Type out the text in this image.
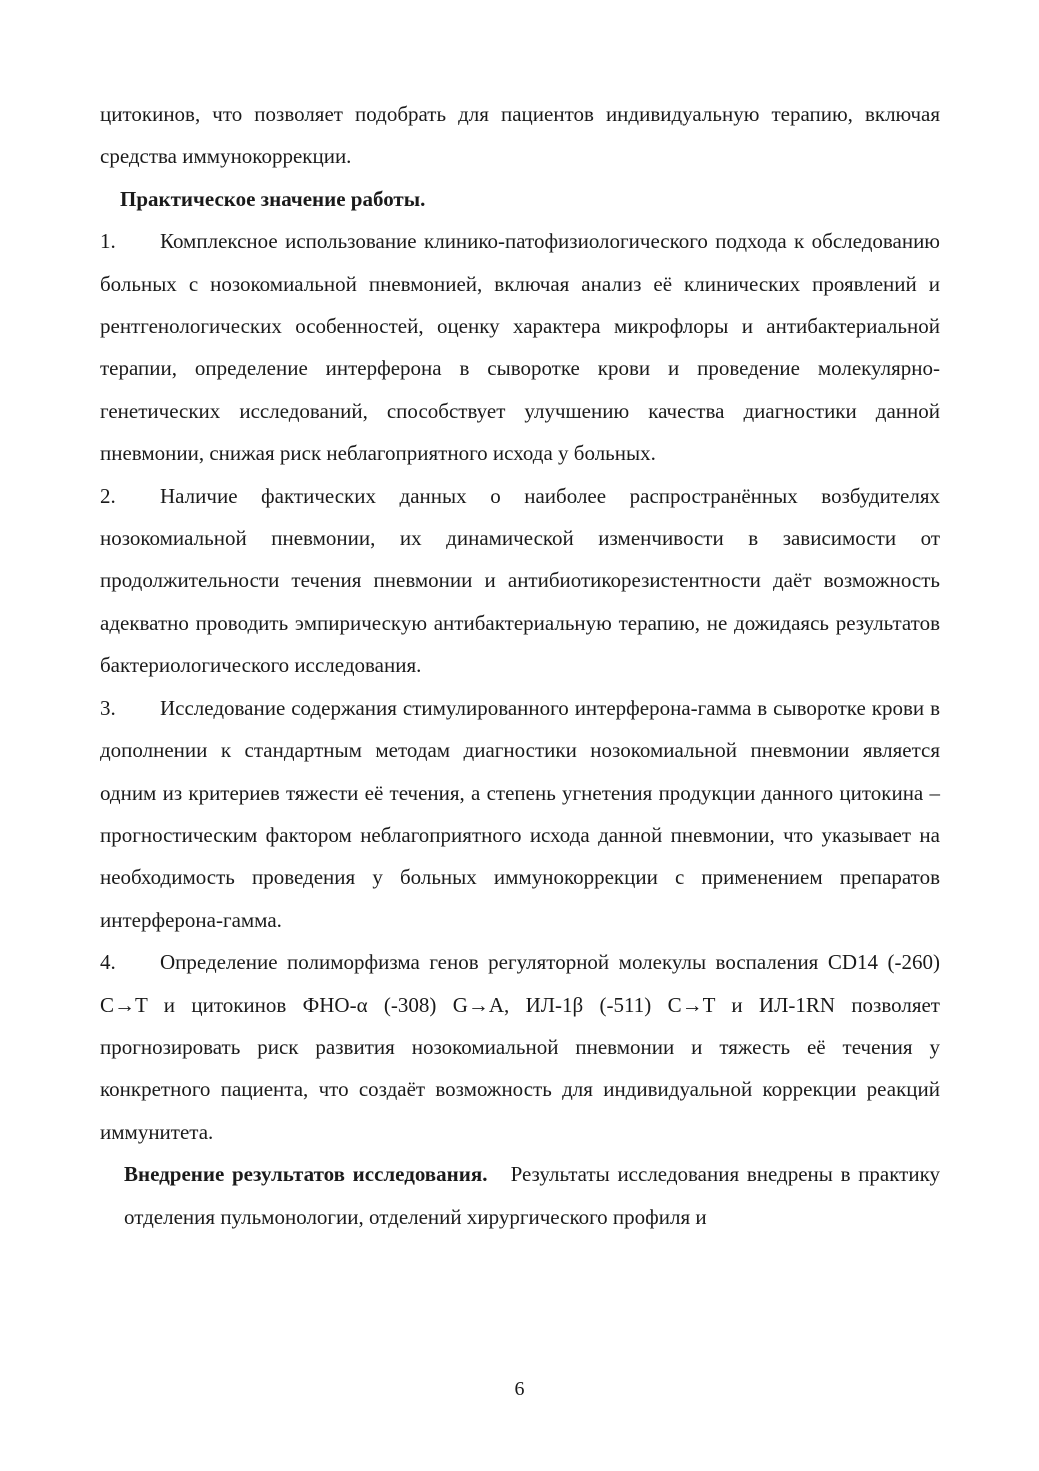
цитокинов, что позволяет подобрать для пациентов индивидуальную терапию, включая средства иммунокоррекции.

Практическое значение работы.

1. Комплексное использование клинико-патофизиологического подхода к обследованию больных с нозокомиальной пневмонией, включая анализ её клинических проявлений и рентгенологических особенностей, оценку характера микрофлоры и антибактериальной терапии, определение интерферона в сыворотке крови и проведение молекулярно-генетических исследований, способствует улучшению качества диагностики данной пневмонии, снижая риск неблагоприятного исхода у больных.

2. Наличие фактических данных о наиболее распространённых возбудителях нозокомиальной пневмонии, их динамической изменчивости в зависимости от продолжительности течения пневмонии и антибиотикорезистентности даёт возможность адекватно проводить эмпирическую антибактериальную терапию, не дожидаясь результатов бактериологического исследования.

3. Исследование содержания стимулированного интерферона-гамма в сыворотке крови в дополнении к стандартным методам диагностики нозокомиальной пневмонии является одним из критериев тяжести её течения, а степень угнетения продукции данного цитокина – прогностическим фактором неблагоприятного исхода данной пневмонии, что указывает на необходимость проведения у больных иммунокоррекции с применением препаратов интерферона-гамма.

4. Определение полиморфизма генов регуляторной молекулы воспаления CD14 (-260) C→T и цитокинов ФНО-α (-308) G→A, ИЛ-1β (-511) C→T и ИЛ-1RN позволяет прогнозировать риск развития нозокомиальной пневмонии и тяжесть её течения у конкретного пациента, что создаёт возможность для индивидуальной коррекции реакций иммунитета.

Внедрение результатов исследования. Результаты исследования внедрены в практику отделения пульмонологии, отделений хирургического профиля и

6
